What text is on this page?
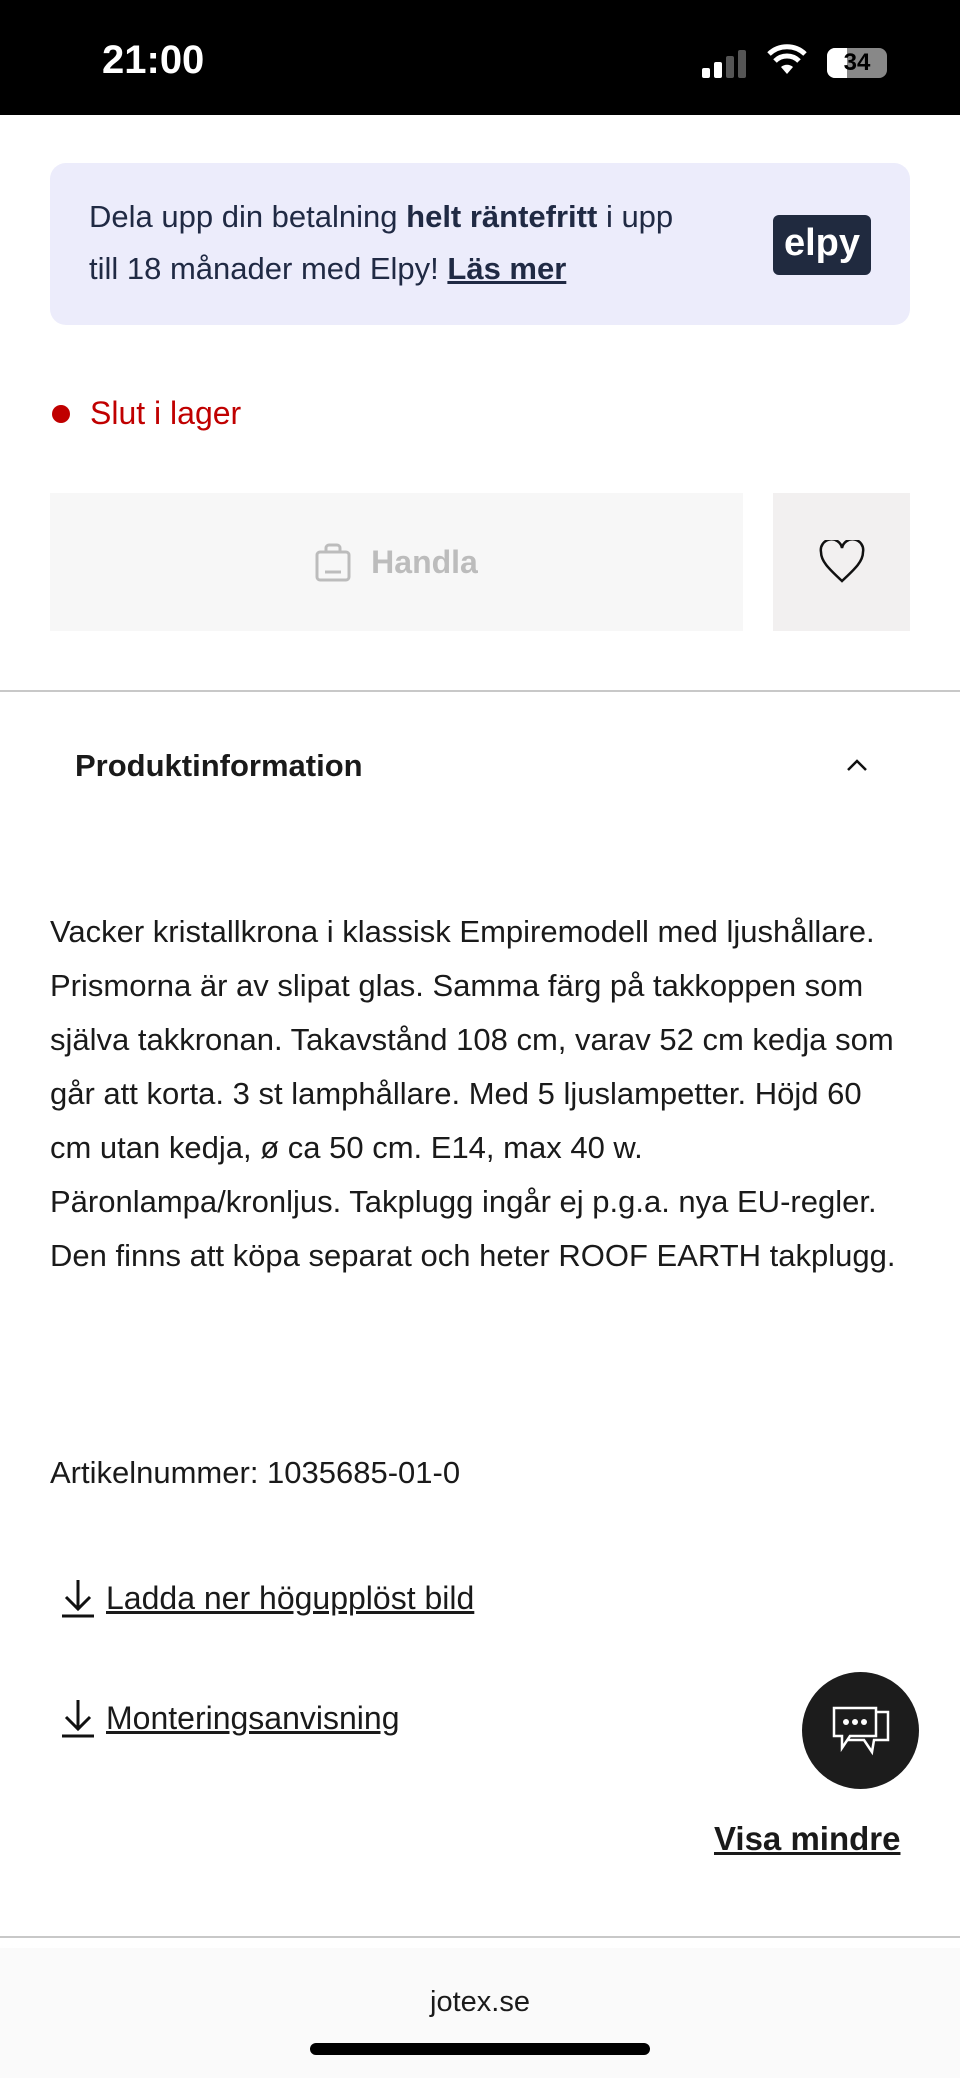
21:00	34
Dela upp din betalning helt räntefritt i upp till 18 månader med Elpy! Läs mer
elpy
Slut i lager
Handla
Produktinformation
Vacker kristallkrona i klassisk Empiremodell med ljushållare. Prismorna är av slipat glas. Samma färg på takkoppen som själva takkronan. Takavstånd 108 cm, varav 52 cm kedja som går att korta. 3 st lamphållare. Med 5 ljuslampetter. Höjd 60 cm utan kedja, ø ca 50 cm. E14, max 40 w. Päronlampa/kronljus. Takplugg ingår ej p.g.a. nya EU-regler. Den finns att köpa separat och heter ROOF EARTH takplugg.
Artikelnummer: 1035685-01-0
Ladda ner högupplöst bild
Monteringsanvisning
Visa mindre
jotex.se
